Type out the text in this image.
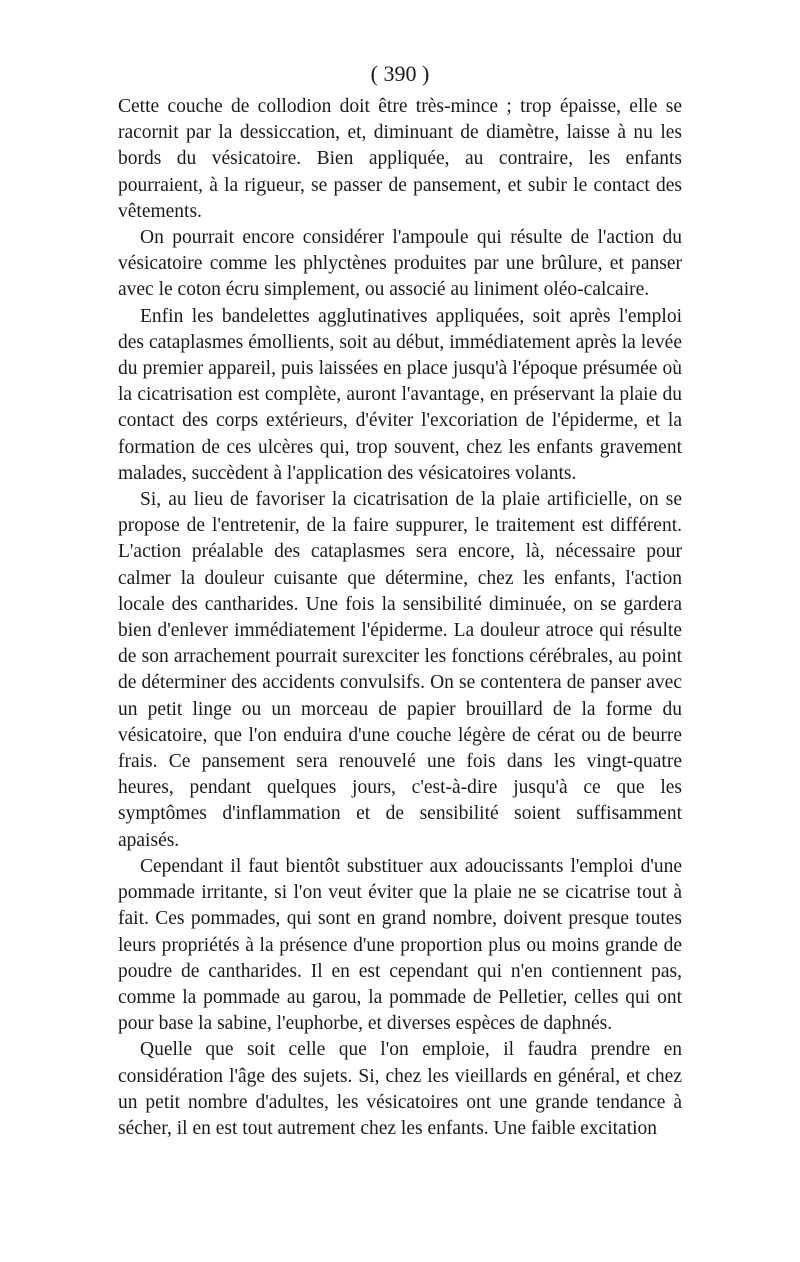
( 390 )

Cette couche de collodion doit être très-mince ; trop épaisse, elle se racornit par la dessiccation, et, diminuant de diamètre, laisse à nu les bords du vésicatoire. Bien appliquée, au contraire, les enfants pourraient, à la rigueur, se passer de pansement, et subir le contact des vêtements.

On pourrait encore considérer l'ampoule qui résulte de l'action du vésicatoire comme les phlyctènes produites par une brûlure, et panser avec le coton écru simplement, ou associé au liniment oléo-calcaire.

Enfin les bandelettes agglutinatives appliquées, soit après l'emploi des cataplasmes émollients, soit au début, immédiatement après la levée du premier appareil, puis laissées en place jusqu'à l'époque présumée où la cicatrisation est complète, auront l'avantage, en préservant la plaie du contact des corps extérieurs, d'éviter l'excoriation de l'épiderme, et la formation de ces ulcères qui, trop souvent, chez les enfants gravement malades, succèdent à l'application des vésicatoires volants.

Si, au lieu de favoriser la cicatrisation de la plaie artificielle, on se propose de l'entretenir, de la faire suppurer, le traitement est différent. L'action préalable des cataplasmes sera encore, là, nécessaire pour calmer la douleur cuisante que détermine, chez les enfants, l'action locale des cantharides. Une fois la sensibilité diminuée, on se gardera bien d'enlever immédiatement l'épiderme. La douleur atroce qui résulte de son arrachement pourrait surexciter les fonctions cérébrales, au point de déterminer des accidents convulsifs. On se contentera de panser avec un petit linge ou un morceau de papier brouillard de la forme du vésicatoire, que l'on enduira d'une couche légère de cérat ou de beurre frais. Ce pansement sera renouvelé une fois dans les vingt-quatre heures, pendant quelques jours, c'est-à-dire jusqu'à ce que les symptômes d'inflammation et de sensibilité soient suffisamment apaisés.

Cependant il faut bientôt substituer aux adoucissants l'emploi d'une pommade irritante, si l'on veut éviter que la plaie ne se cicatrise tout à fait. Ces pommades, qui sont en grand nombre, doivent presque toutes leurs propriétés à la présence d'une proportion plus ou moins grande de poudre de cantharides. Il en est cependant qui n'en contiennent pas, comme la pommade au garou, la pommade de Pelletier, celles qui ont pour base la sabine, l'euphorbe, et diverses espèces de daphnés.

Quelle que soit celle que l'on emploie, il faudra prendre en considération l'âge des sujets. Si, chez les vieillards en général, et chez un petit nombre d'adultes, les vésicatoires ont une grande tendance à sécher, il en est tout autrement chez les enfants. Une faible excitation
